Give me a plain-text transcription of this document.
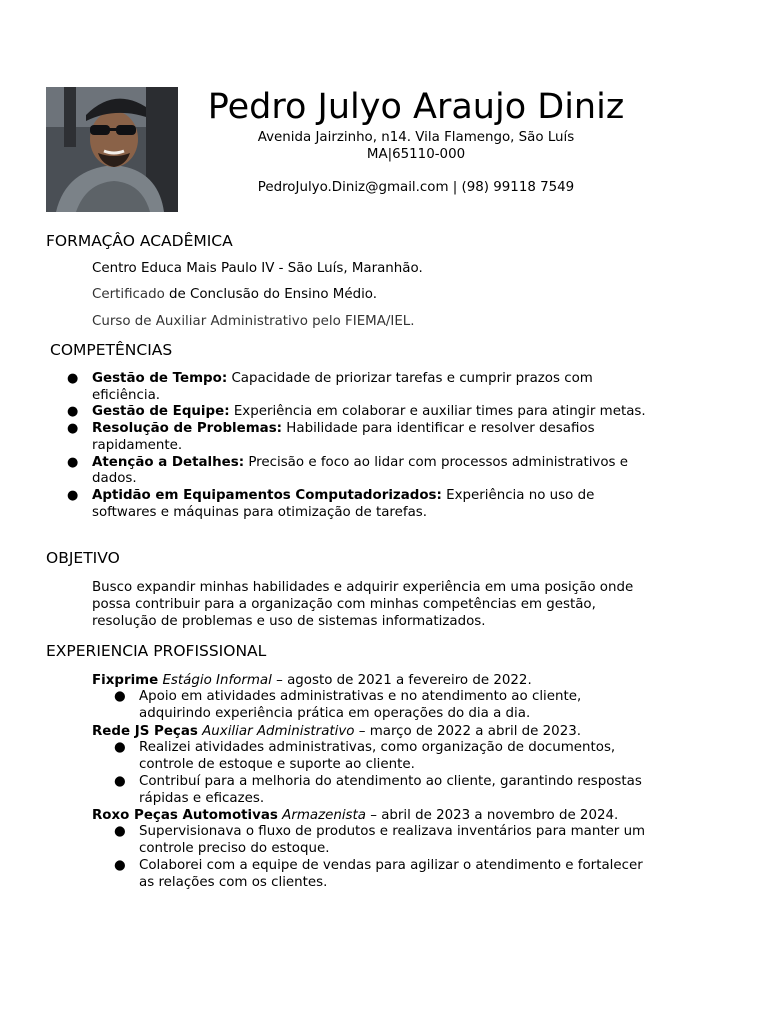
Pedro Julyo Araujo Diniz
Avenida Jairzinho, n14. Vila Flamengo, São Luís
MA|65110-000
PedroJulyo.Diniz@gmail.com | (98) 99118 7549
FORMAÇÂO ACADÊMICA
Centro Educa Mais Paulo IV - São Luís, Maranhão.
Certificado de Conclusão do Ensino Médio.
Curso de Auxiliar Administrativo pelo FIEMA/IEL.
COMPETÊNCIAS
● Gestão de Tempo: Capacidade de priorizar tarefas e cumprir prazos com eficiência.
● Gestão de Equipe: Experiência em colaborar e auxiliar times para atingir metas.
● Resolução de Problemas: Habilidade para identificar e resolver desafios rapidamente.
● Atenção a Detalhes: Precisão e foco ao lidar com processos administrativos e dados.
● Aptidão em Equipamentos Computadorizados: Experiência no uso de softwares e máquinas para otimização de tarefas.
OBJETIVO
Busco expandir minhas habilidades e adquirir experiência em uma posição onde possa contribuir para a organização com minhas competências em gestão, resolução de problemas e uso de sistemas informatizados.
EXPERIENCIA PROFISSIONAL
Fixprime Estágio Informal – agosto de 2021 a fevereiro de 2022.
● Apoio em atividades administrativas e no atendimento ao cliente, adquirindo experiência prática em operações do dia a dia.
Rede JS Peças Auxiliar Administrativo – março de 2022 a abril de 2023.
● Realizei atividades administrativas, como organização de documentos, controle de estoque e suporte ao cliente.
● Contribuí para a melhoria do atendimento ao cliente, garantindo respostas rápidas e eficazes.
Roxo Peças Automotivas Armazenista – abril de 2023 a novembro de 2024.
● Supervisionava o fluxo de produtos e realizava inventários para manter um controle preciso do estoque.
● Colaborei com a equipe de vendas para agilizar o atendimento e fortalecer as relações com os clientes.
